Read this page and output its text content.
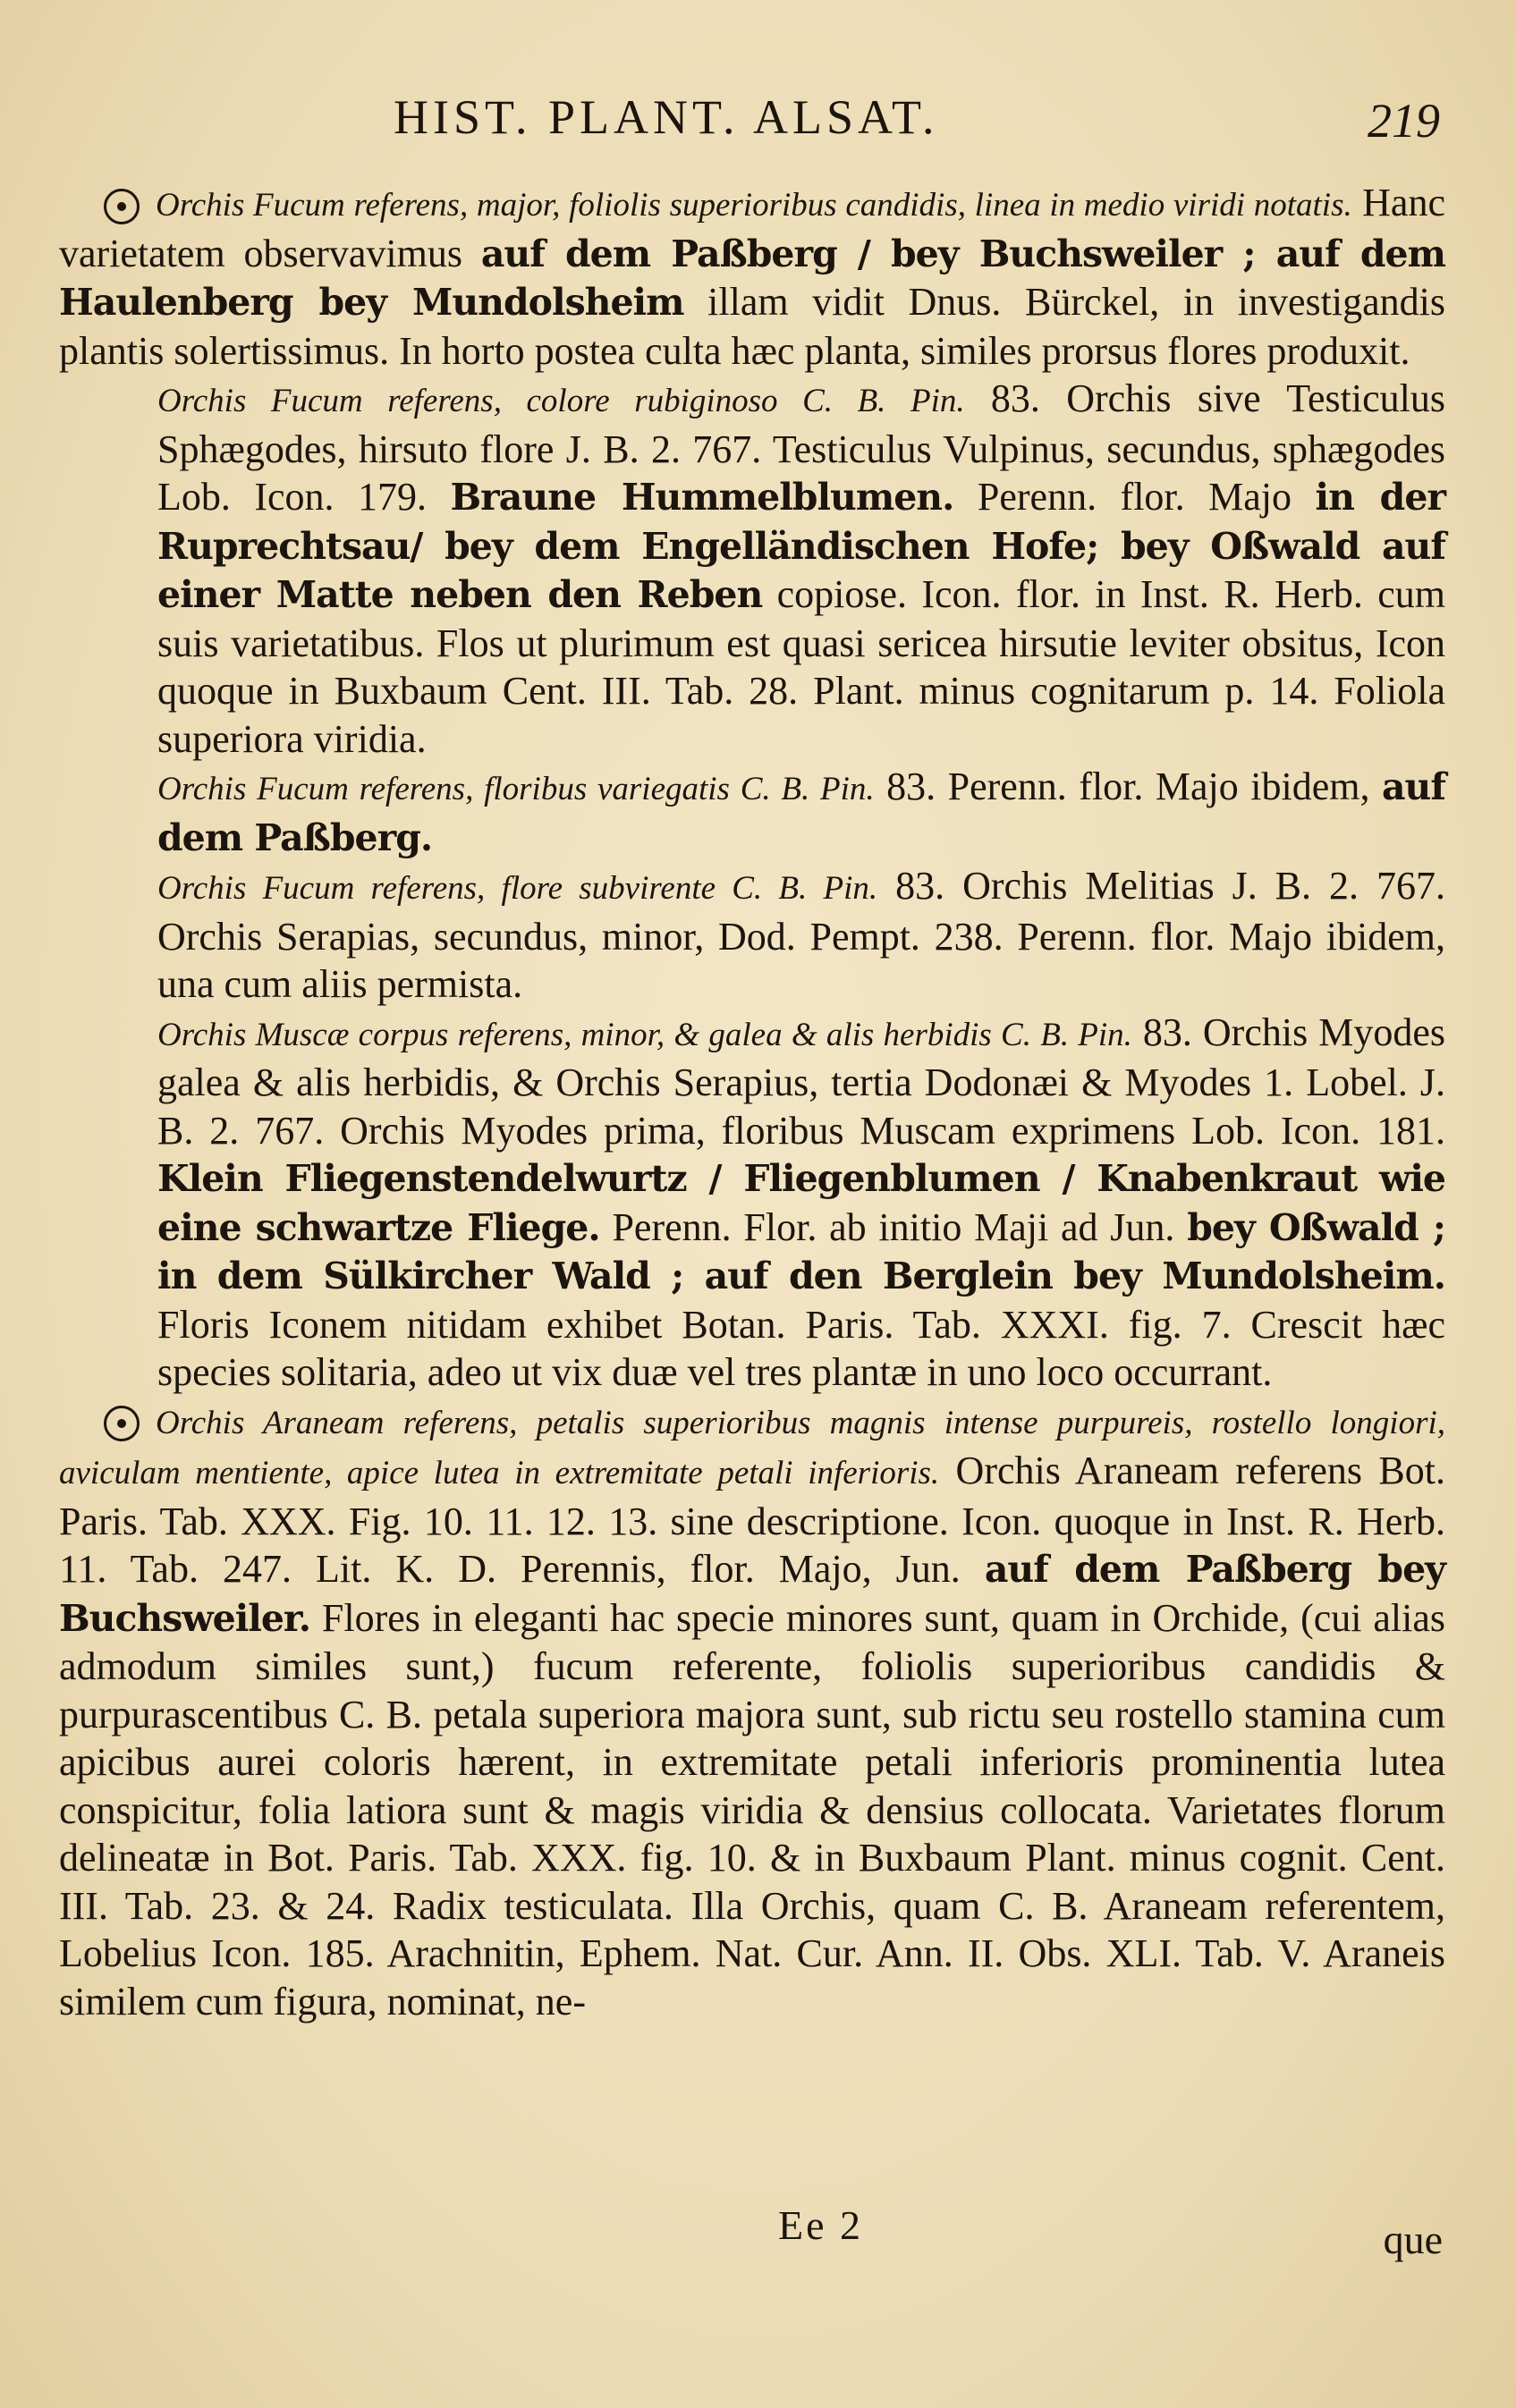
HIST. PLANT. ALSAT.	219

Orchis Fucum referens, major, foliolis superioribus candidis, linea in medio viridi notatis. Hanc varietatem observavimus auf dem Paßberg / bey Buchsweiler ; auf dem Haulenberg bey Mundolsheim illam vidit Dnus. Bürckel, in investigandis plantis solertissimus. In horto postea culta hæc planta, similes prorsus flores produxit.

Orchis Fucum referens, colore rubiginoso C. B. Pin. 83. Orchis sive Testiculus Sphægodes, hirsuto flore J. B. 2. 767. Testiculus Vulpinus, secundus, sphægodes Lob. Icon. 179. Braune Hummelblumen. Perenn. flor. Majo in der Ruprechtsau/ bey dem Engelländischen Hofe; bey Oßwald auf einer Matte neben den Reben copiose. Icon. flor. in Inst. R. Herb. cum suis varietatibus. Flos ut plurimum est quasi sericea hirsutie leviter obsitus, Icon quoque in Buxbaum Cent. III. Tab. 28. Plant. minus cognitarum p. 14. Foliola superiora viridia.

Orchis Fucum referens, floribus variegatis C. B. Pin. 83. Perenn. flor. Majo ibidem, auf dem Paßberg.

Orchis Fucum referens, flore subvirente C. B. Pin. 83. Orchis Melitias J. B. 2. 767. Orchis Serapias, secundus, minor, Dod. Pempt. 238. Perenn. flor. Majo ibidem, una cum aliis permista.

Orchis Muscæ corpus referens, minor, & galea & alis herbidis C. B. Pin. 83. Orchis Myodes galea & alis herbidis, & Orchis Serapius, tertia Dodonæi & Myodes 1. Lobel. J. B. 2. 767. Orchis Myodes prima, floribus Muscam exprimens Lob. Icon. 181. Klein Fliegenstendelwurtz / Fliegenblumen / Knabenkraut wie eine schwartze Fliege. Perenn. Flor. ab initio Maji ad Jun. bey Oßwald ; in dem Sülkircher Wald ; auf den Berglein bey Mundolsheim. Floris Iconem nitidam exhibet Botan. Paris. Tab. XXXI. fig. 7. Crescit hæc species solitaria, adeo ut vix duæ vel tres plantæ in uno loco occurrant.

Orchis Araneam referens, petalis superioribus magnis intense purpureis, rostello longiori, aviculam mentiente, apice lutea in extremitate petali inferioris. Orchis Araneam referens Bot. Paris. Tab. XXX. Fig. 10. 11. 12. 13. sine descriptione. Icon. quoque in Inst. R. Herb. 11. Tab. 247. Lit. K. D. Perennis, flor. Majo, Jun. auf dem Paßberg bey Buchsweiler. Flores in eleganti hac specie minores sunt, quam in Orchide, (cui alias admodum similes sunt,) fucum referente, foliolis superioribus candidis & purpurascentibus C. B. petala superiora majora sunt, sub rictu seu rostello stamina cum apicibus aurei coloris hærent, in extremitate petali inferioris prominentia lutea conspicitur, folia latiora sunt & magis viridia & densius collocata. Varietates florum delineatæ in Bot. Paris. Tab. XXX. fig. 10. & in Buxbaum Plant. minus cognit. Cent. III. Tab. 23. & 24. Radix testiculata. Illa Orchis, quam C. B. Araneam referentem, Lobelius Icon. 185. Arachnitin, Ephem. Nat. Cur. Ann. II. Obs. XLI. Tab. V. Araneis similem cum figura, nominat, ne-

Ee 2	que
